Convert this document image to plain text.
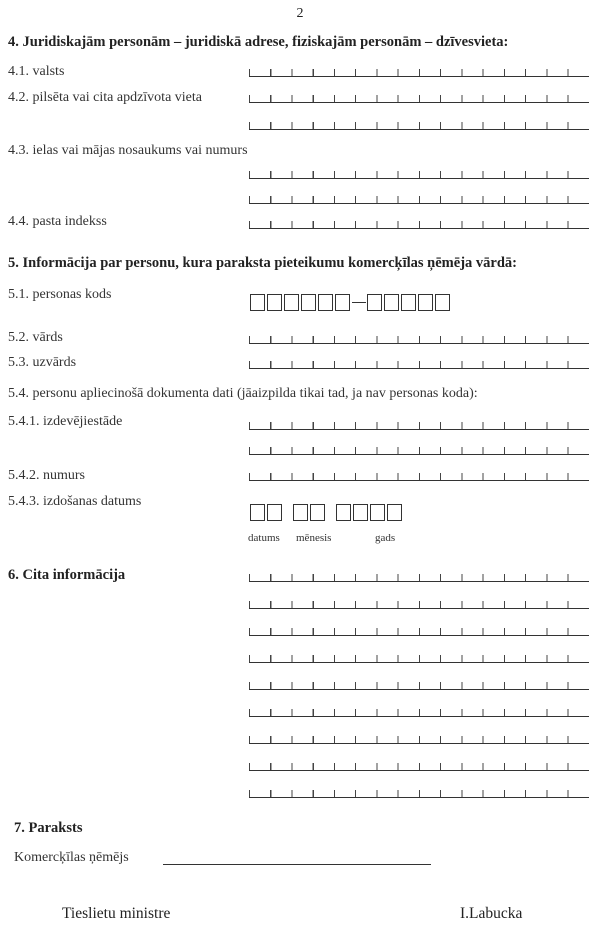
2
4. Juridiskajām personām – juridiskā adrese, fiziskajām personām – dzīvesvieta:
4.1. valsts
4.2. pilsēta vai cita apdzīvota vieta
4.3. ielas vai mājas nosaukums vai numurs
4.4. pasta indekss
5. Informācija par personu, kura paraksta pieteikumu komercķīlas ņēmēja vārdā:
5.1. personas kods
5.2. vārds
5.3. uzvārds
5.4. personu apliecinošā dokumenta dati (jāaizpilda tikai tad, ja nav personas koda):
5.4.1. izdevējiestāde
5.4.2. numurs
5.4.3. izdošanas datums
datums mēnesis	gads
6. Cita informācija
7. Paraksts
Komercķīlas ņēmējs
Tieslietu ministre	I.Labucka
